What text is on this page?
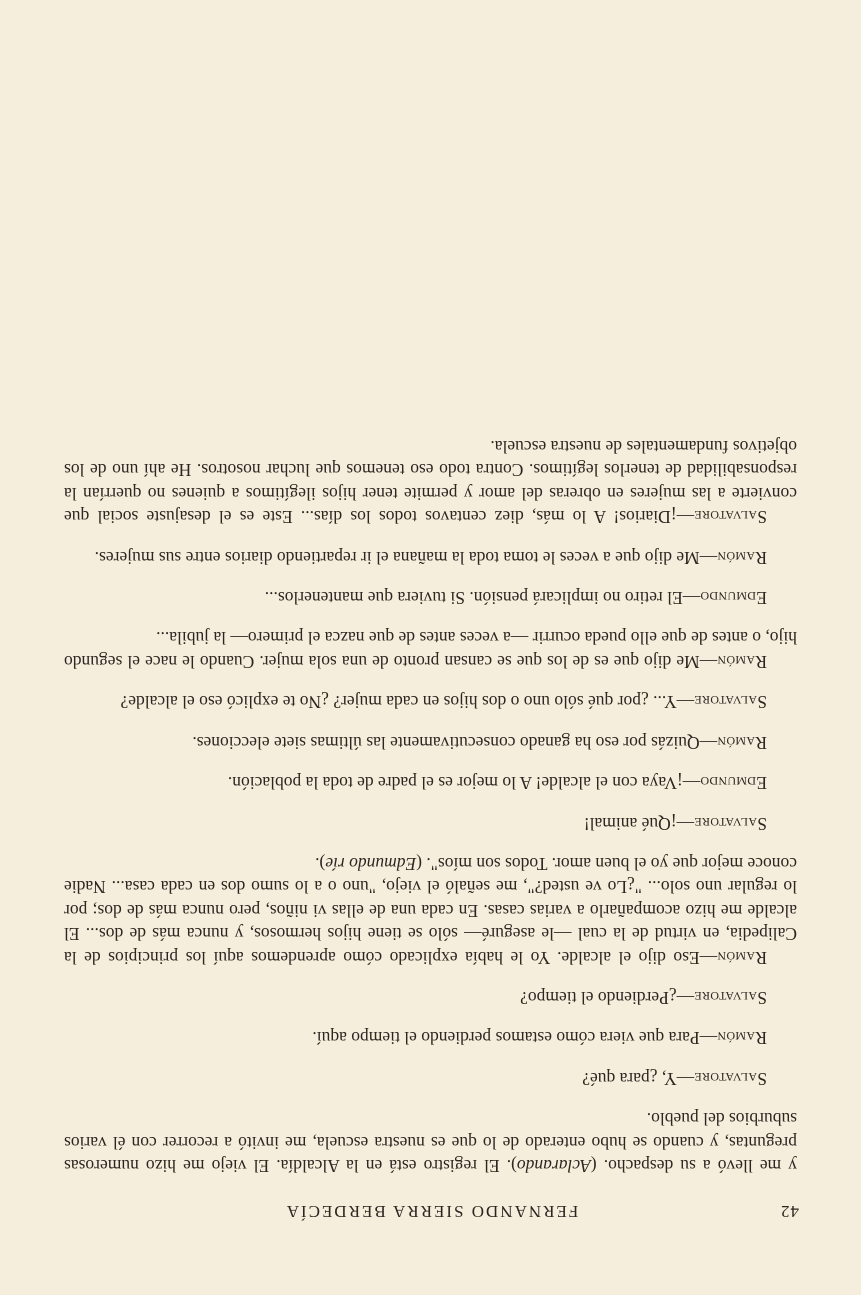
42
FERNANDO SIERRA BERDECÍA

y me llevó a su despacho. (Aclarando). El registro está en la Alcaldía. El viejo me hizo numerosas preguntas, y cuando se hubo enterado de lo que es nuestra escuela, me invitó a recorrer con él varios suburbios del pueblo.

Salvatore—Y, ¿para qué?

Ramón—Para que viera cómo estamos perdiendo el tiempo aquí.

Salvatore—¿Perdiendo el tiempo?

Ramón—Eso dijo el alcalde. Yo le había explicado cómo aprendemos aquí los principios de la Calipedia, en virtud de la cual —le aseguré— sólo se tiene hijos hermosos, y nunca más de dos... El alcalde me hizo acompañarlo a varias casas. En cada una de ellas vi niños, pero nunca más de dos; por lo regular uno solo... "¿Lo ve usted?", me señaló el viejo, "uno o a lo sumo dos en cada casa... Nadie conoce mejor que yo el buen amor. Todos son míos". (Edmundo ríe).

Salvatore—¡Qué animal!

Edmundo—¡Vaya con el alcalde! A lo mejor es el padre de toda la población.

Ramón—Quizás por eso ha ganado consecutivamente las últimas siete elecciones.

Salvatore—Y... ¿por qué sólo uno o dos hijos en cada mujer? ¿No te explicó eso el alcalde?

Ramón—Me dijo que es de los que se cansan pronto de una sola mujer. Cuando le nace el segundo hijo, o antes de que ello pueda ocurrir —a veces antes de que nazca el primero— la jubila...

Edmundo—El retiro no implicará pensión. Si tuviera que mantenerlos...

Ramón—Me dijo que a veces le toma toda la mañana el ir repartiendo diarios entre sus mujeres.

Salvatore—¡Diarios! A lo más, diez centavos todos los días... Este es el desajuste social que convierte a las mujeres en obreras del amor y permite tener hijos ilegítimos a quienes no querrían la responsabilidad de tenerlos legítimos. Contra todo eso tenemos que luchar nosotros. He ahí uno de los objetivos fundamentales de nuestra escuela.
